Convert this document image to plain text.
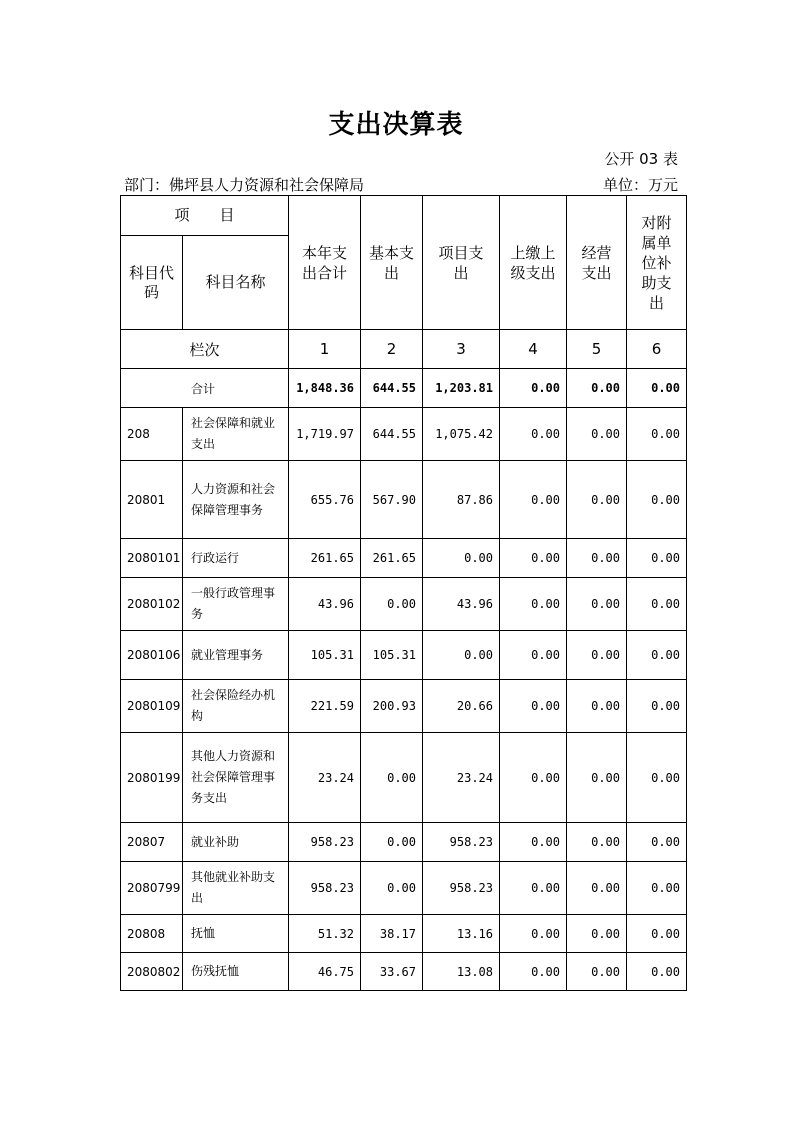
支出决算表
公开 03 表
部门：佛坪县人力资源和社会保障局	单位：万元
项　　目		本年支出合计	基本支出	项目支出	上缴上级支出	经营支出	对附属单位补助支出
科目代码	科目名称						
栏次		1	2	3	4	5	6
合计		1,848.36	644.55	1,203.81	0.00	0.00	0.00
208	社会保障和就业支出	1,719.97	644.55	1,075.42	0.00	0.00	0.00
20801	人力资源和社会保障管理事务	655.76	567.90	87.86	0.00	0.00	0.00
2080101	行政运行	261.65	261.65	0.00	0.00	0.00	0.00
2080102	一般行政管理事务	43.96	0.00	43.96	0.00	0.00	0.00
2080106	就业管理事务	105.31	105.31	0.00	0.00	0.00	0.00
2080109	社会保险经办机构	221.59	200.93	20.66	0.00	0.00	0.00
2080199	其他人力资源和社会保障管理事务支出	23.24	0.00	23.24	0.00	0.00	0.00
20807	就业补助	958.23	0.00	958.23	0.00	0.00	0.00
2080799	其他就业补助支出	958.23	0.00	958.23	0.00	0.00	0.00
20808	抚恤	51.32	38.17	13.16	0.00	0.00	0.00
2080802	伤残抚恤	46.75	33.67	13.08	0.00	0.00	0.00
